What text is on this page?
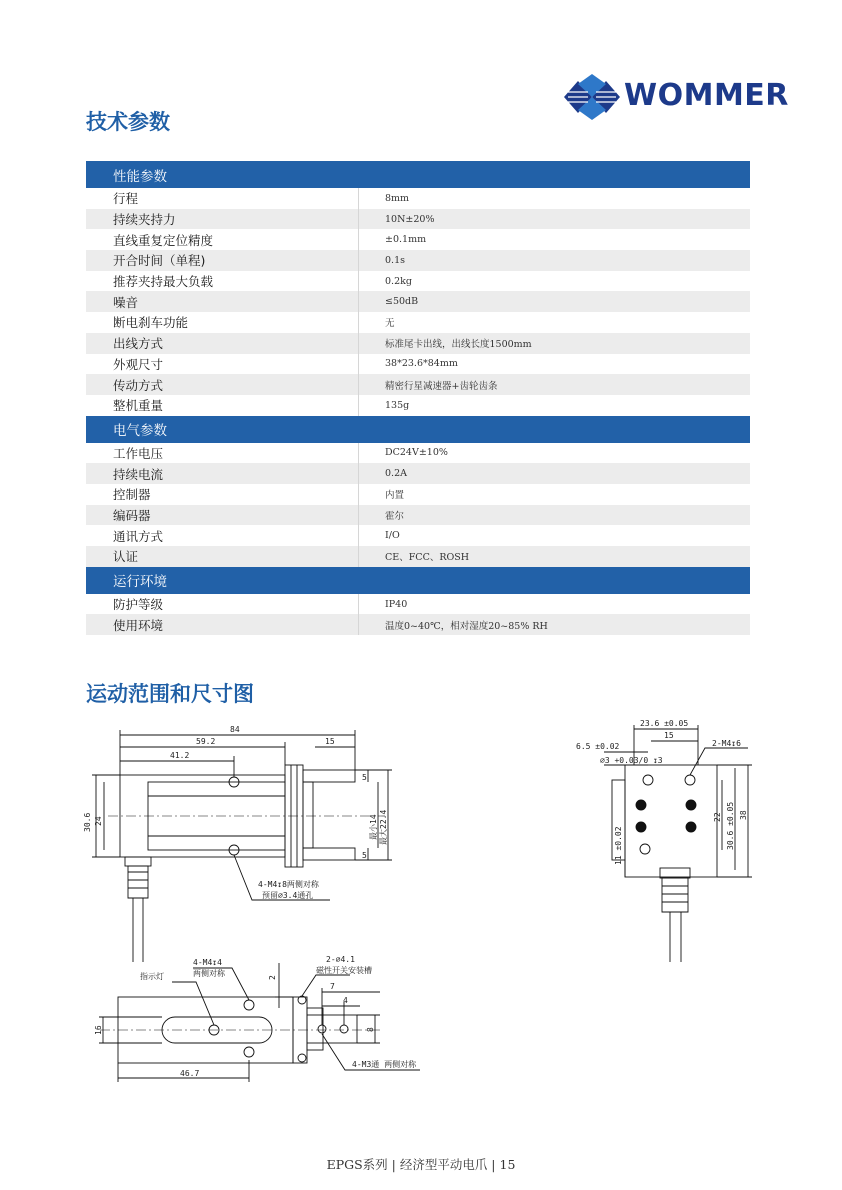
WOMMER
技术参数
性能参数	
行程	8mm
持续夹持力	10N±20%
直线重复定位精度	±0.1mm
开合时间（单程)	0.1s
推荐夹持最大负载	0.2kg
噪音	≤50dB
断电刹车功能	无
出线方式	标准尾卡出线，出线长度1500mm
外观尺寸	38*23.6*84mm
传动方式	精密行星减速器+齿轮齿条
整机重量	135g
电气参数	
工作电压	DC24V±10%
持续电流	0.2A
控制器	内置
编码器	霍尔
通讯方式	I/O
认证	CE、FCC、ROSH
运行环境	
防护等级	IP40
使用环境	温度0~40℃，相对湿度20~85% RH
运动范围和尺寸图
84
59.2
41.2
15
5
5
30.6 24	最小14 最大22.4
4-M4↧8两侧对称
预留⌀3.4通孔
23.6 ±0.05
15
6.5 ±0.02
⌀3 +0.03/0 ↧3
2-M4↧6
22 30.6 ±0.05 38
11 ±0.02
4-M4↧4
两侧对称
指示灯
2-⌀4.1
磁性开关安装槽
2
7
4
8
16
46.7
4-M3通 两侧对称
EPGS系列 | 经济型平动电爪 | 15
